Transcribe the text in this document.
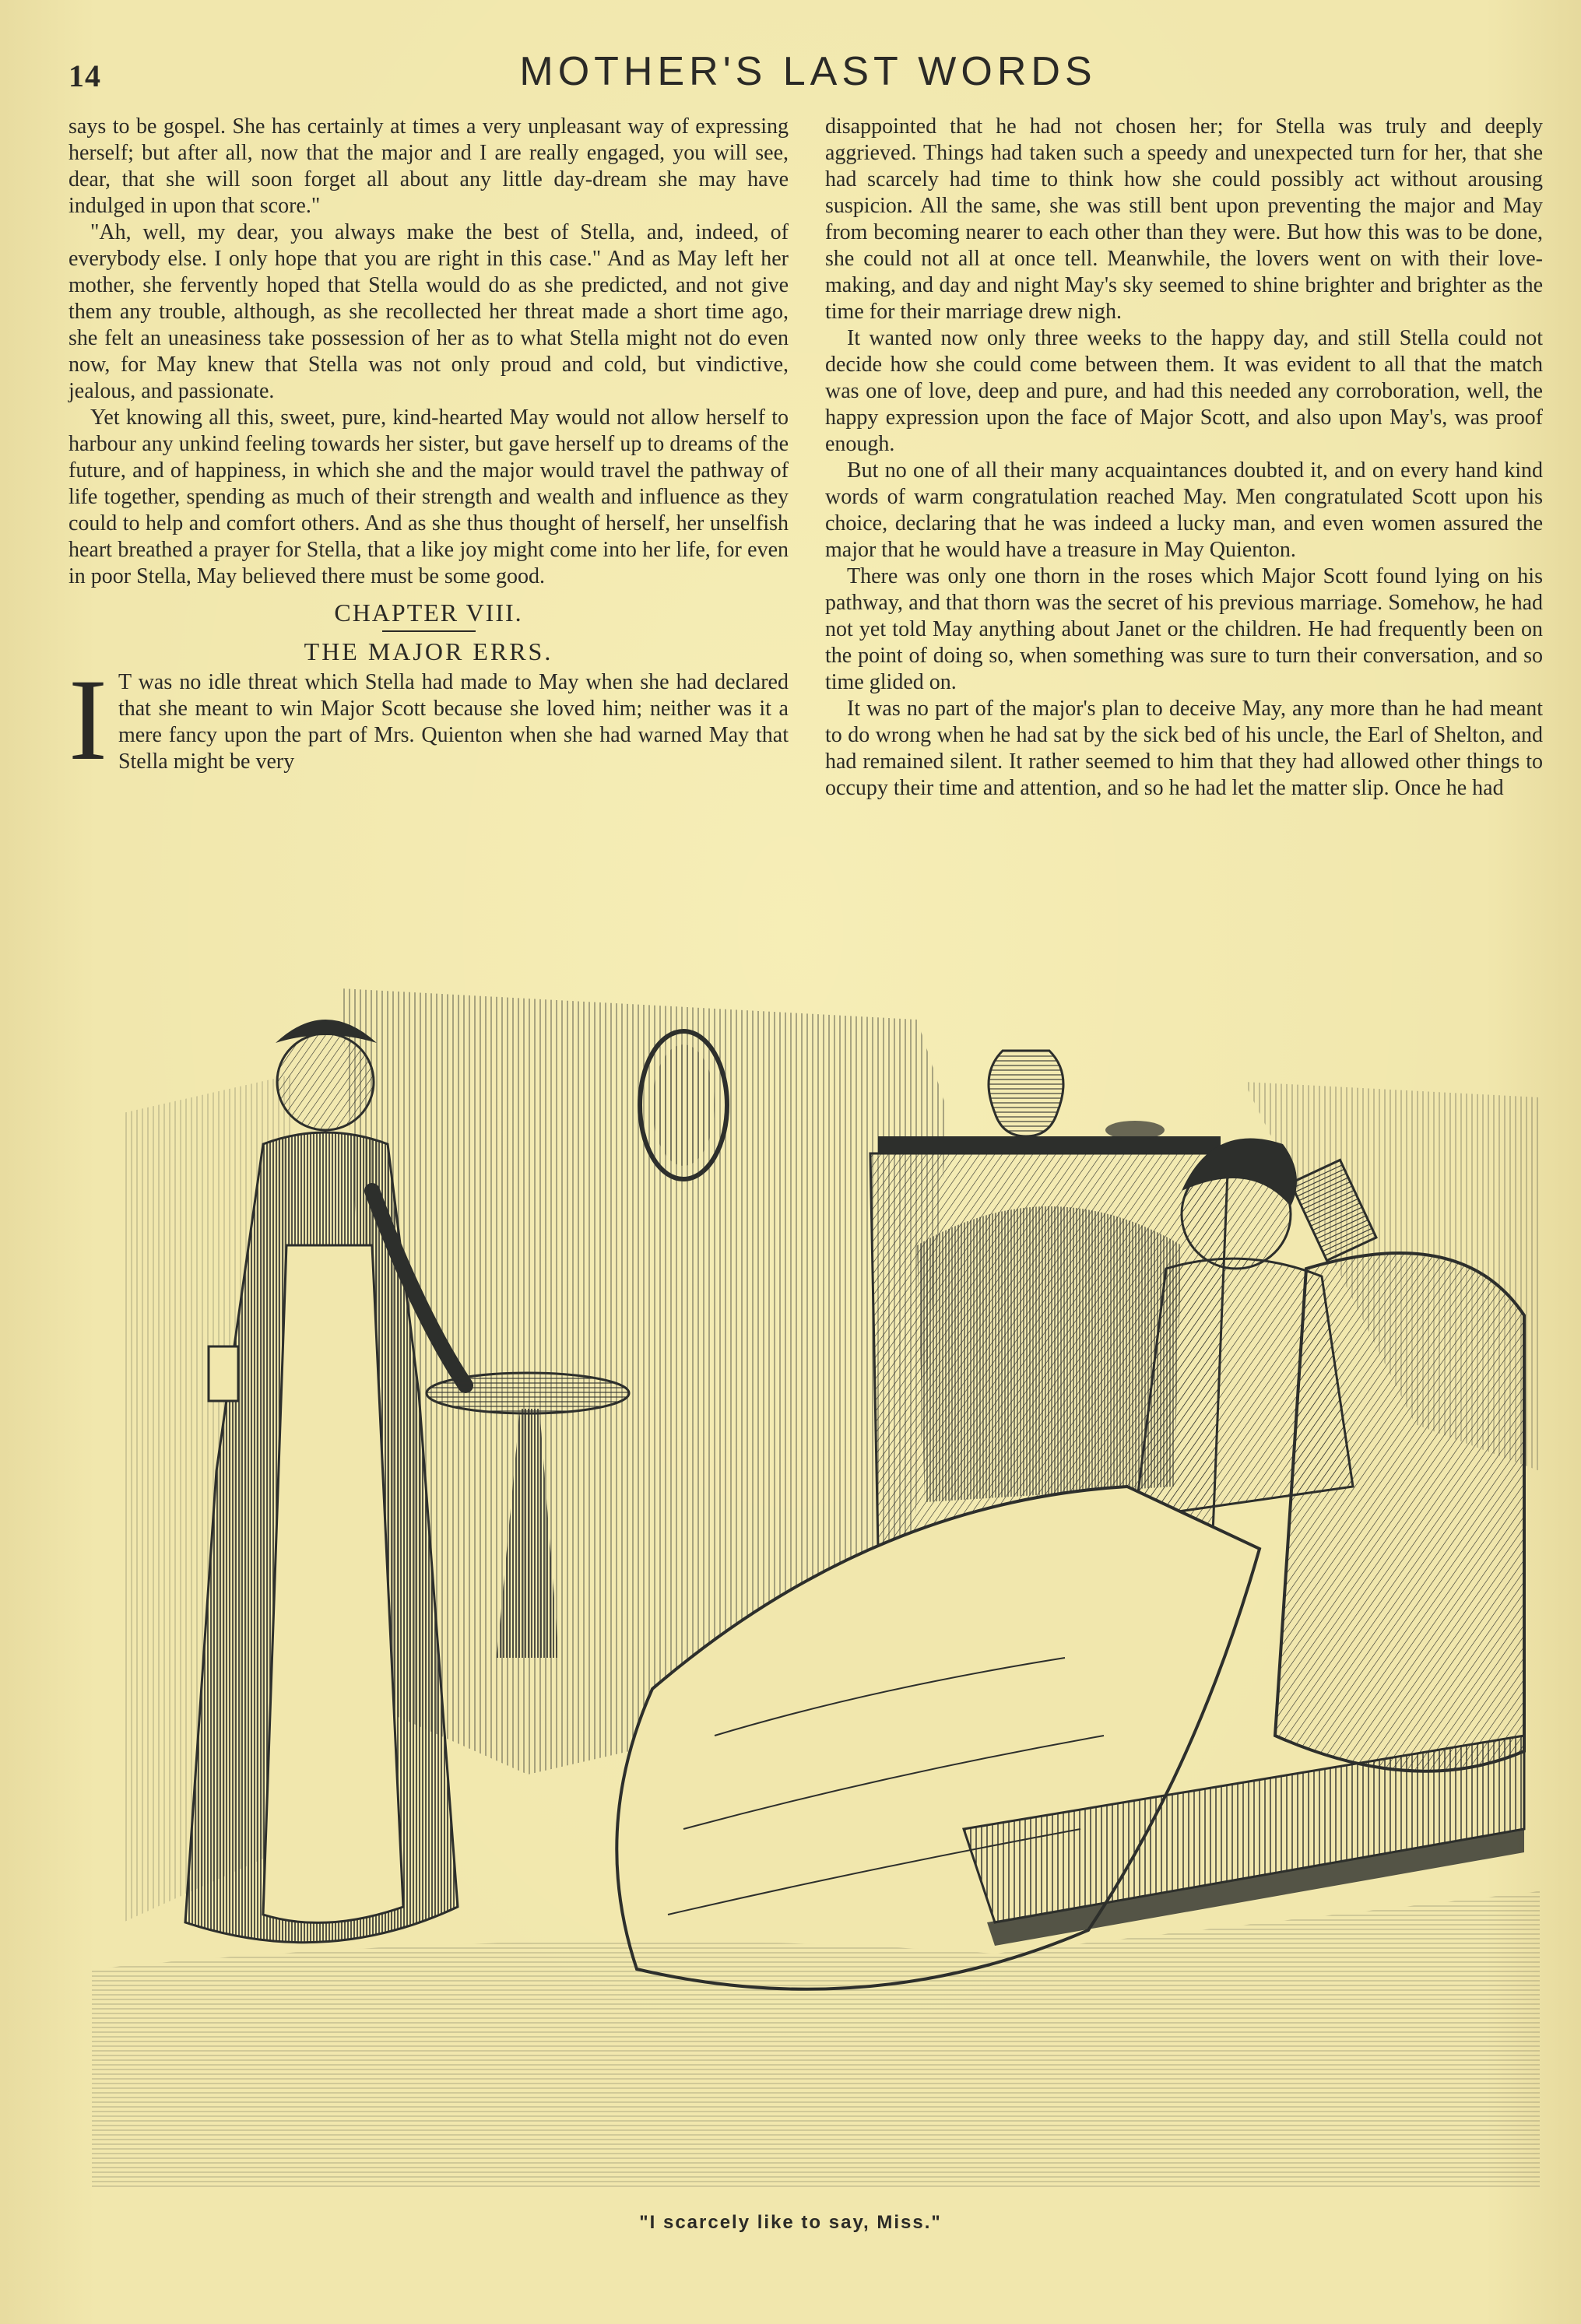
14	MOTHER'S LAST WORDS

says to be gospel. She has certainly at times a very unpleasant way of expressing herself; but after all, now that the major and I are really engaged, you will see, dear, that she will soon forget all about any little day-dream she may have indulged in upon that score."

"Ah, well, my dear, you always make the best of Stella, and, indeed, of everybody else. I only hope that you are right in this case." And as May left her mother, she fervently hoped that Stella would do as she predicted, and not give them any trouble, although, as she recollected her threat made a short time ago, she felt an uneasiness take possession of her as to what Stella might not do even now, for May knew that Stella was not only proud and cold, but vindictive, jealous, and passionate.

Yet knowing all this, sweet, pure, kind-hearted May would not allow herself to harbour any unkind feeling towards her sister, but gave herself up to dreams of the future, and of happiness, in which she and the major would travel the pathway of life together, spending as much of their strength and wealth and influence as they could to help and comfort others. And as she thus thought of herself, her unselfish heart breathed a prayer for Stella, that a like joy might come into her life, for even in poor Stella, May believed there must be some good.

CHAPTER VIII.
THE MAJOR ERRS.

I T was no idle threat which Stella had made to May when she had declared that she meant to win Major Scott because she loved him; neither was it a mere fancy upon the part of Mrs. Quienton when she had warned May that Stella might be very

disappointed that he had not chosen her; for Stella was truly and deeply aggrieved. Things had taken such a speedy and unexpected turn for her, that she had scarcely had time to think how she could possibly act without arousing suspicion. All the same, she was still bent upon preventing the major and May from becoming nearer to each other than they were. But how this was to be done, she could not all at once tell. Meanwhile, the lovers went on with their love-making, and day and night May's sky seemed to shine brighter and brighter as the time for their marriage drew nigh.

It wanted now only three weeks to the happy day, and still Stella could not decide how she could come between them. It was evident to all that the match was one of love, deep and pure, and had this needed any corroboration, well, the happy expression upon the face of Major Scott, and also upon May's, was proof enough.

But no one of all their many acquaintances doubted it, and on every hand kind words of warm congratulation reached May. Men congratulated Scott upon his choice, declaring that he was indeed a lucky man, and even women assured the major that he would have a treasure in May Quienton.

There was only one thorn in the roses which Major Scott found lying on his pathway, and that thorn was the secret of his previous marriage. Somehow, he had not yet told May anything about Janet or the children. He had frequently been on the point of doing so, when something was sure to turn their conversation, and so time glided on.

It was no part of the major's plan to deceive May, any more than he had meant to do wrong when he had sat by the sick bed of his uncle, the Earl of Shelton, and had remained silent. It rather seemed to him that they had allowed other things to occupy their time and attention, and so he had let the matter slip. Once he had

"I scarcely like to say, Miss."
